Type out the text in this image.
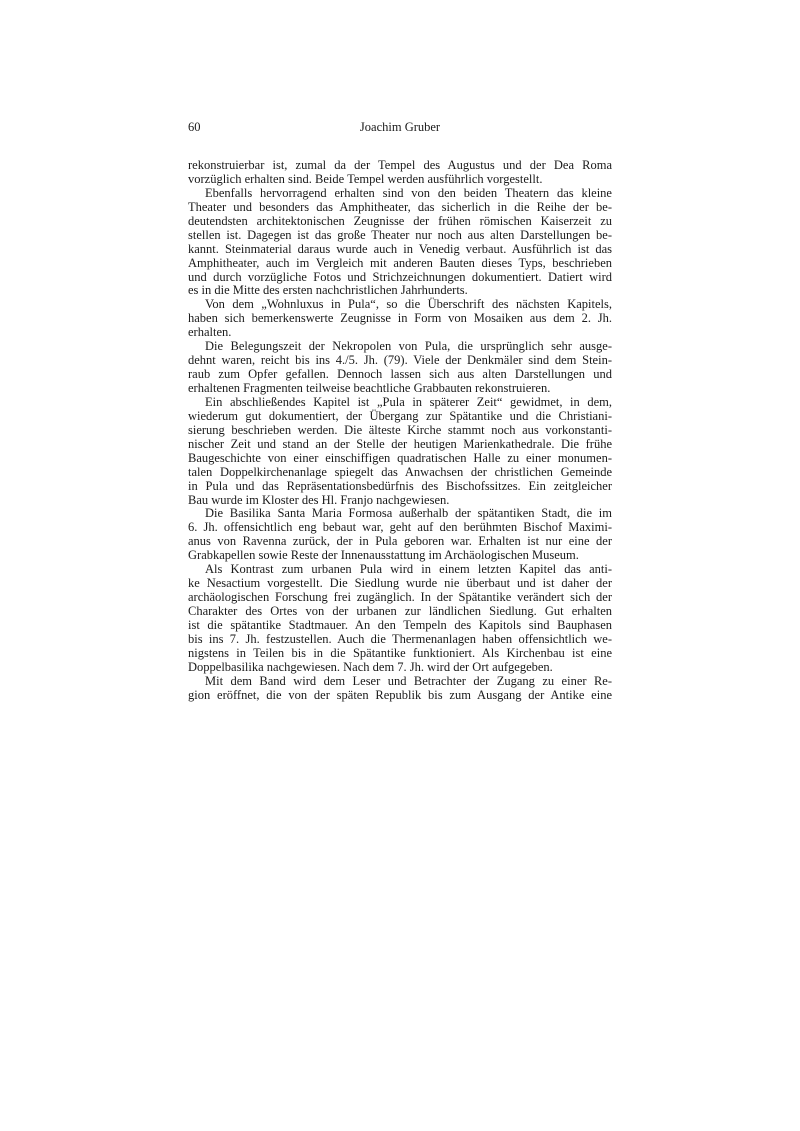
60	Joachim Gruber
rekonstruierbar ist, zumal da der Tempel des Augustus und der Dea Roma
vorzüglich erhalten sind. Beide Tempel werden ausführlich vorgestellt.
Ebenfalls hervorragend erhalten sind von den beiden Theatern das kleine
Theater und besonders das Amphitheater, das sicherlich in die Reihe der be-
deutendsten architektonischen Zeugnisse der frühen römischen Kaiserzeit zu
stellen ist. Dagegen ist das große Theater nur noch aus alten Darstellungen be-
kannt. Steinmaterial daraus wurde auch in Venedig verbaut. Ausführlich ist das
Amphitheater, auch im Vergleich mit anderen Bauten dieses Typs, beschrieben
und durch vorzügliche Fotos und Strichzeichnungen dokumentiert. Datiert wird
es in die Mitte des ersten nachchristlichen Jahrhunderts.
Von dem „Wohnluxus in Pula“, so die Überschrift des nächsten Kapitels,
haben sich bemerkenswerte Zeugnisse in Form von Mosaiken aus dem 2. Jh.
erhalten.
Die Belegungszeit der Nekropolen von Pula, die ursprünglich sehr ausge-
dehnt waren, reicht bis ins 4./5. Jh. (79). Viele der Denkmäler sind dem Stein-
raub zum Opfer gefallen. Dennoch lassen sich aus alten Darstellungen und
erhaltenen Fragmenten teilweise beachtliche Grabbauten rekonstruieren.
Ein abschließendes Kapitel ist „Pula in späterer Zeit“ gewidmet, in dem,
wiederum gut dokumentiert, der Übergang zur Spätantike und die Christiani-
sierung beschrieben werden. Die älteste Kirche stammt noch aus vorkonstanti-
nischer Zeit und stand an der Stelle der heutigen Marienkathedrale. Die frühe
Baugeschichte von einer einschiffigen quadratischen Halle zu einer monumen-
talen Doppelkirchenanlage spiegelt das Anwachsen der christlichen Gemeinde
in Pula und das Repräsentationsbedürfnis des Bischofssitzes. Ein zeitgleicher
Bau wurde im Kloster des Hl. Franjo nachgewiesen.
Die Basilika Santa Maria Formosa außerhalb der spätantiken Stadt, die im
6. Jh. offensichtlich eng bebaut war, geht auf den berühmten Bischof Maximi-
anus von Ravenna zurück, der in Pula geboren war. Erhalten ist nur eine der
Grabkapellen sowie Reste der Innenausstattung im Archäologischen Museum.
Als Kontrast zum urbanen Pula wird in einem letzten Kapitel das anti-
ke Nesactium vorgestellt. Die Siedlung wurde nie überbaut und ist daher der
archäologischen Forschung frei zugänglich. In der Spätantike verändert sich der
Charakter des Ortes von der urbanen zur ländlichen Siedlung. Gut erhalten
ist die spätantike Stadtmauer. An den Tempeln des Kapitols sind Bauphasen
bis ins 7. Jh. festzustellen. Auch die Thermenanlagen haben offensichtlich we-
nigstens in Teilen bis in die Spätantike funktioniert. Als Kirchenbau ist eine
Doppelbasilika nachgewiesen. Nach dem 7. Jh. wird der Ort aufgegeben.
Mit dem Band wird dem Leser und Betrachter der Zugang zu einer Re-
gion eröffnet, die von der späten Republik bis zum Ausgang der Antike eine
